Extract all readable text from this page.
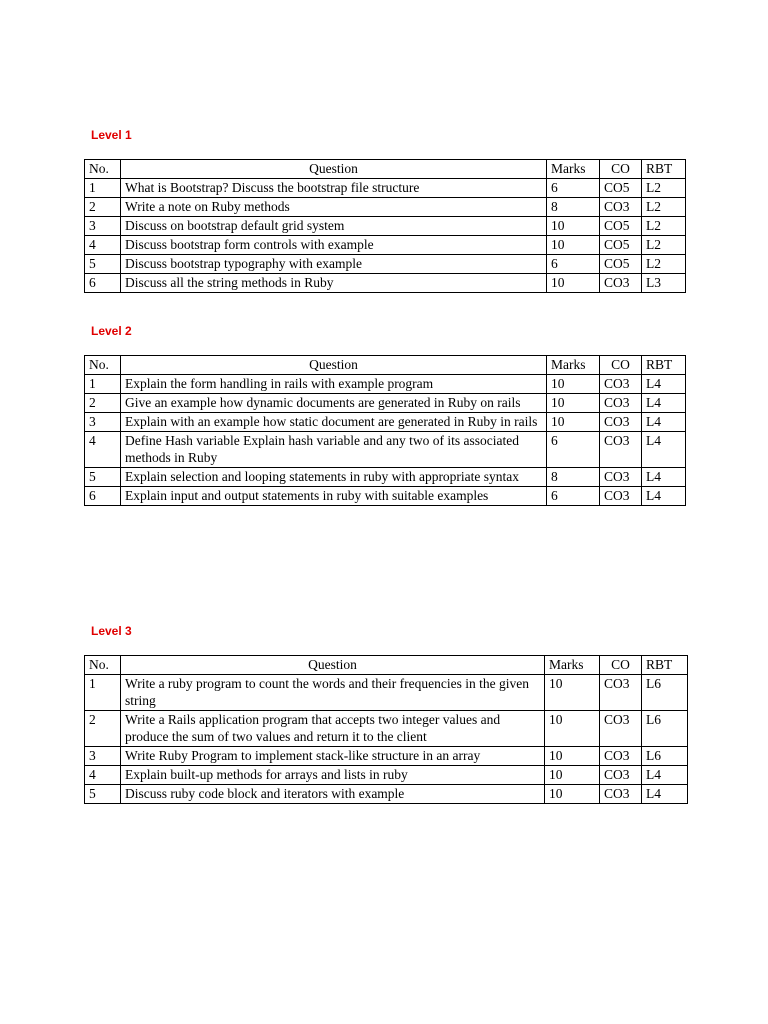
Level 1
No.	Question	Marks	CO	RBT
1	What is Bootstrap? Discuss the bootstrap file structure	6	CO5	L2
2	Write a note on Ruby methods	8	CO3	L2
3	Discuss on bootstrap default grid system	10	CO5	L2
4	Discuss bootstrap form controls with example	10	CO5	L2
5	Discuss bootstrap typography with example	6	CO5	L2
6	Discuss all the string methods in Ruby	10	CO3	L3
Level 2
No.	Question	Marks	CO	RBT
1	Explain the form handling in rails with example program	10	CO3	L4
2	Give an example how dynamic documents are generated in Ruby on rails	10	CO3	L4
3	Explain with an example how static document are generated in Ruby in rails	10	CO3	L4
4	Define Hash variable Explain hash variable and any two of its associated methods in Ruby	6	CO3	L4
5	Explain selection and looping statements in ruby with appropriate syntax	8	CO3	L4
6	Explain input and output statements in ruby with suitable examples	6	CO3	L4
Level 3
No.	Question	Marks	CO	RBT
1	Write a ruby program to count the words and their frequencies in the given string	10	CO3	L6
2	Write a Rails application program that accepts two integer values and produce the sum of two values and return it to the client	10	CO3	L6
3	Write Ruby Program to implement stack-like structure in an array	10	CO3	L6
4	Explain built-up methods for arrays and lists in ruby	10	CO3	L4
5	Discuss ruby code block and iterators with example	10	CO3	L4
